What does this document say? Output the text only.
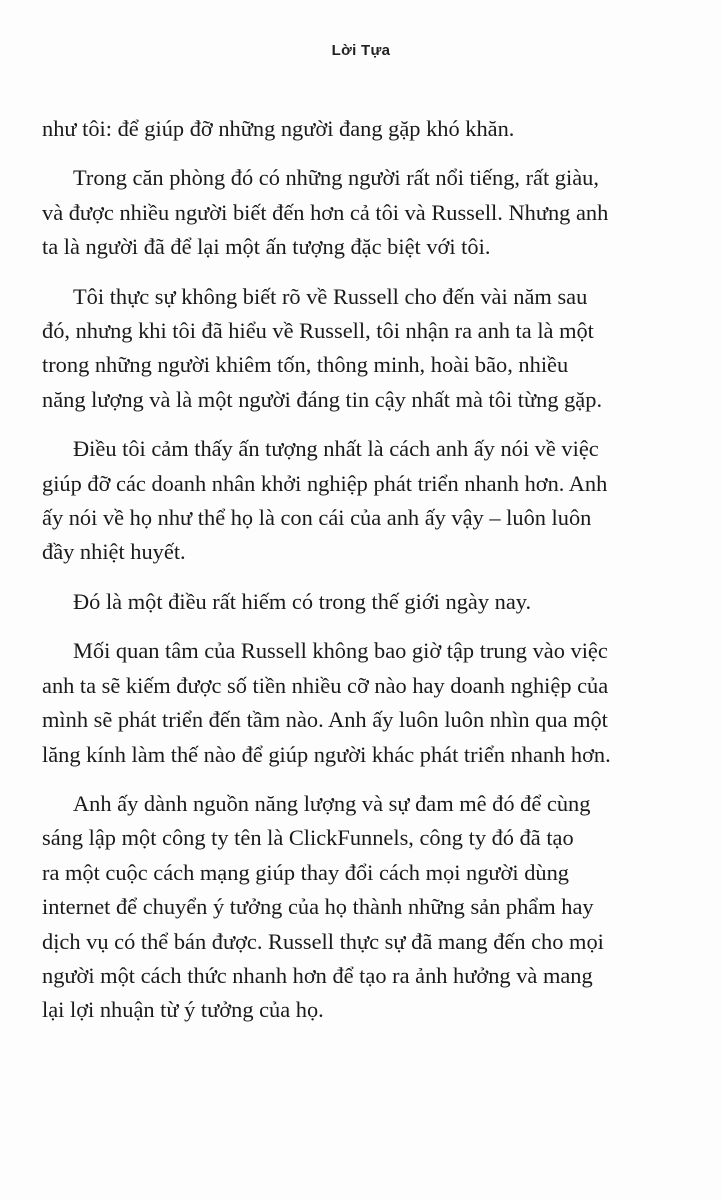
Lời Tựa

như tôi: để giúp đỡ những người đang gặp khó khăn.

Trong căn phòng đó có những người rất nổi tiếng, rất giàu,
và được nhiều người biết đến hơn cả tôi và Russell. Nhưng anh
ta là người đã để lại một ấn tượng đặc biệt với tôi.

Tôi thực sự không biết rõ về Russell cho đến vài năm sau
đó, nhưng khi tôi đã hiểu về Russell, tôi nhận ra anh ta là một
trong những người khiêm tốn, thông minh, hoài bão, nhiều
năng lượng và là một người đáng tin cậy nhất mà tôi từng gặp.

Điều tôi cảm thấy ấn tượng nhất là cách anh ấy nói về việc
giúp đỡ các doanh nhân khởi nghiệp phát triển nhanh hơn. Anh
ấy nói về họ như thể họ là con cái của anh ấy vậy – luôn luôn
đầy nhiệt huyết.

Đó là một điều rất hiếm có trong thế giới ngày nay.

Mối quan tâm của Russell không bao giờ tập trung vào việc
anh ta sẽ kiếm được số tiền nhiều cỡ nào hay doanh nghiệp của
mình sẽ phát triển đến tầm nào. Anh ấy luôn luôn nhìn qua một
lăng kính làm thế nào để giúp người khác phát triển nhanh hơn.

Anh ấy dành nguồn năng lượng và sự đam mê đó để cùng
sáng lập một công ty tên là ClickFunnels, công ty đó đã tạo
ra một cuộc cách mạng giúp thay đổi cách mọi người dùng
internet để chuyển ý tưởng của họ thành những sản phẩm hay
dịch vụ có thể bán được. Russell thực sự đã mang đến cho mọi
người một cách thức nhanh hơn để tạo ra ảnh hưởng và mang
lại lợi nhuận từ ý tưởng của họ.
